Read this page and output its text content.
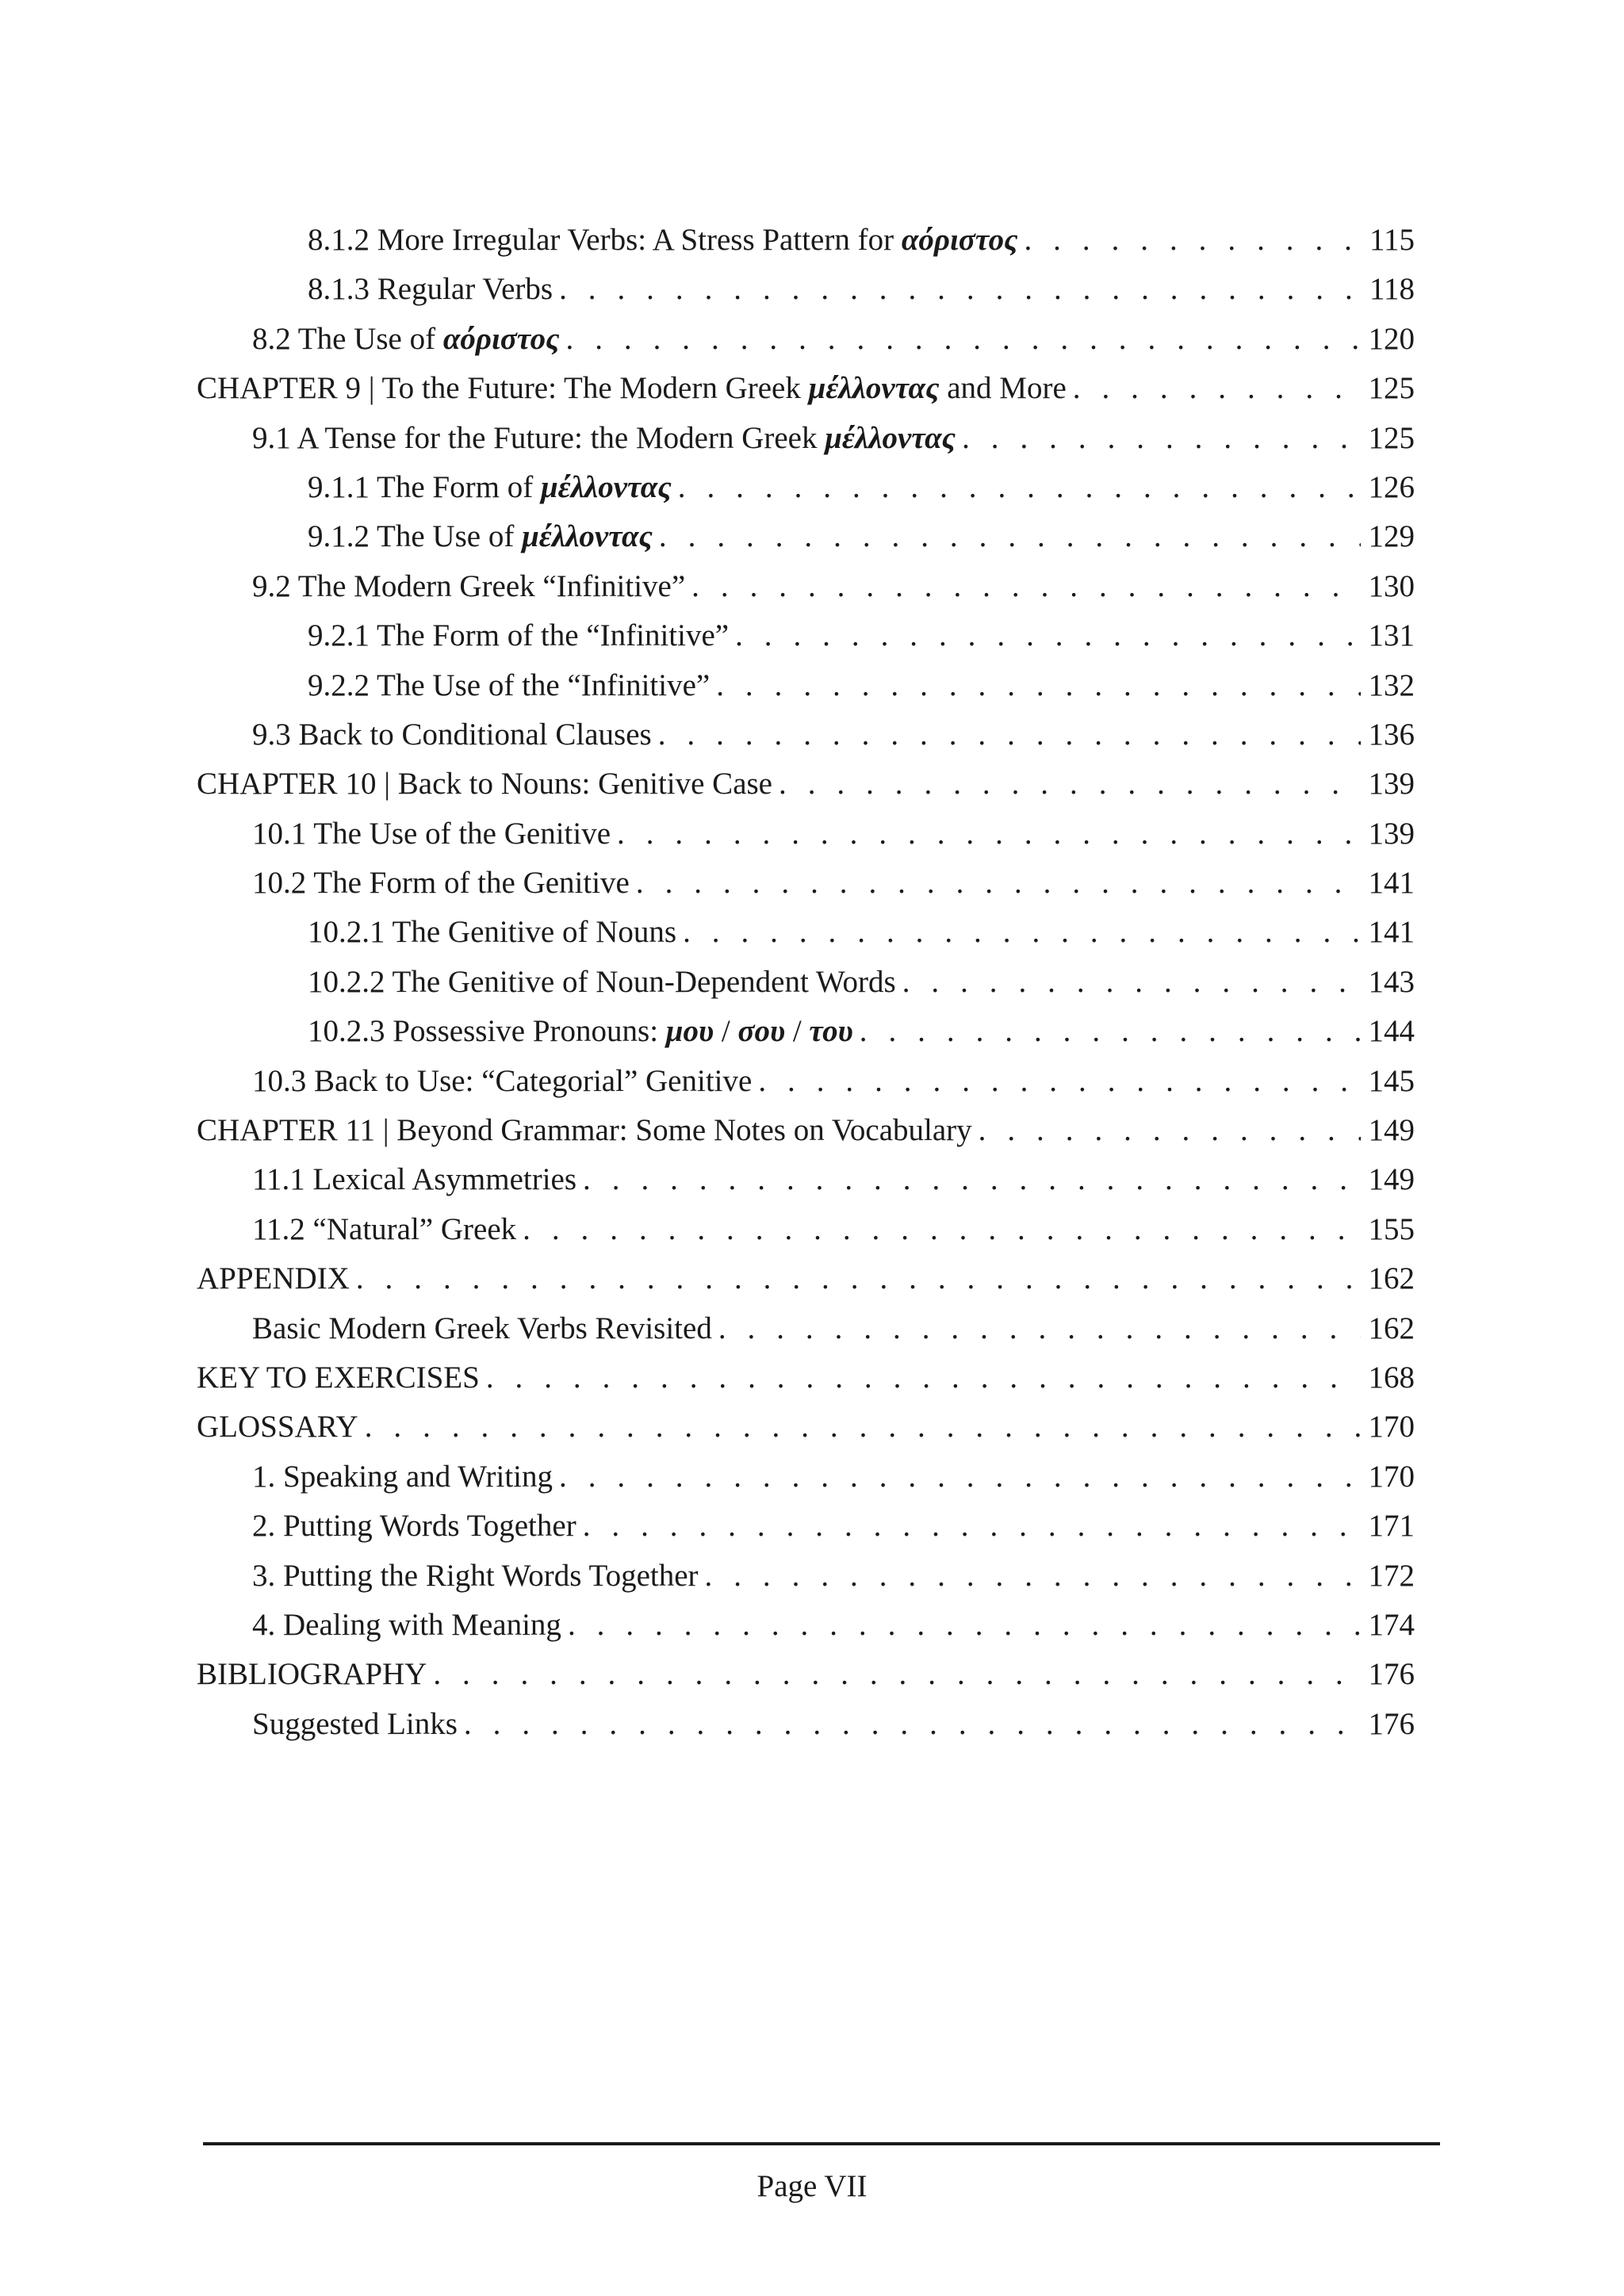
8.1.2 More Irregular Verbs: A Stress Pattern for αόριστος . . .	115
8.1.3 Regular Verbs . . .	118
8.2 The Use of αόριστος . . .	120
CHAPTER 9 | To the Future: The Modern Greek μέλλοντας and More . . .	125
9.1 A Tense for the Future: the Modern Greek μέλλοντας . . .	125
9.1.1 The Form of μέλλοντας . . .	126
9.1.2 The Use of μέλλοντας . . .	129
9.2 The Modern Greek “Infinitive” . . .	130
9.2.1 The Form of the “Infinitive” . . .	131
9.2.2 The Use of the “Infinitive” . . .	132
9.3 Back to Conditional Clauses . . .	136
CHAPTER 10 | Back to Nouns: Genitive Case . . .	139
10.1 The Use of the Genitive . . .	139
10.2 The Form of the Genitive . . .	141
10.2.1 The Genitive of Nouns . . .	141
10.2.2 The Genitive of Noun-Dependent Words . . .	143
10.2.3 Possessive Pronouns: μου / σου / του . . .	144
10.3 Back to Use: “Categorial” Genitive . . .	145
CHAPTER 11 | Beyond Grammar: Some Notes on Vocabulary . . .	149
11.1 Lexical Asymmetries . . .	149
11.2 “Natural” Greek . . .	155
APPENDIX . . .	162
Basic Modern Greek Verbs Revisited . . .	162
KEY TO EXERCISES . . .	168
GLOSSARY . . .	170
1. Speaking and Writing . . .	170
2. Putting Words Together . . .	171
3. Putting the Right Words Together . . .	172
4. Dealing with Meaning . . .	174
BIBLIOGRAPHY . . .	176
Suggested Links . . .	176
Page VII
